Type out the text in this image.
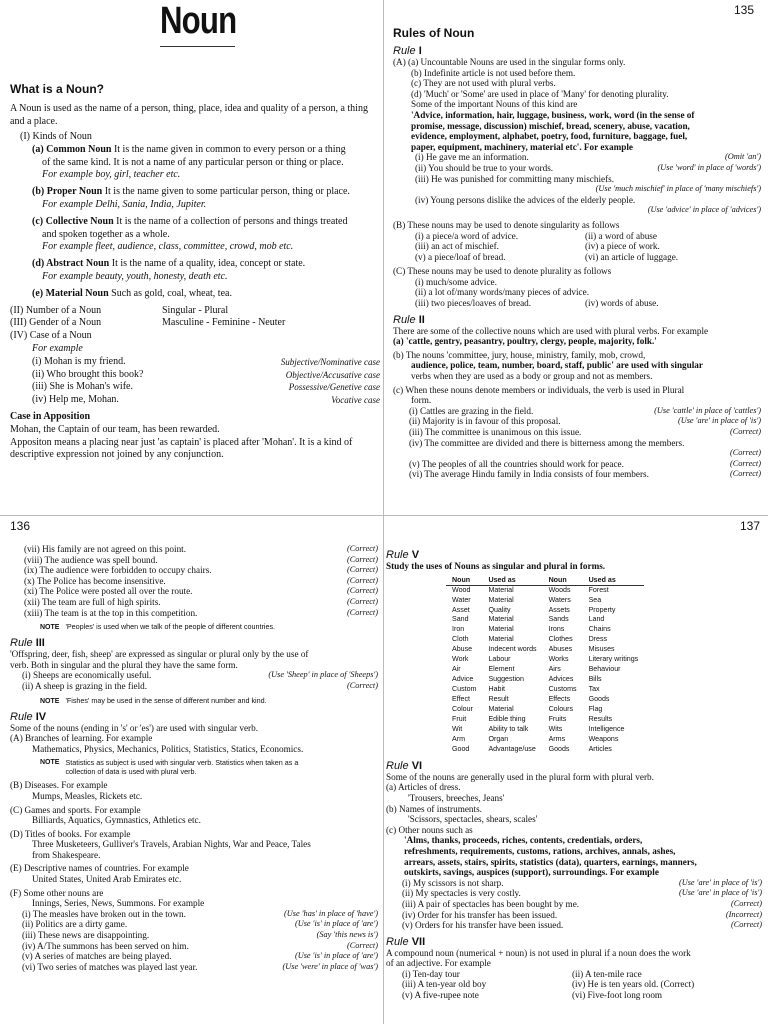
135
136	137
Noun
What is a Noun?
A Noun is used as the name of a person, thing, place, idea and quality of a person, a thing and a place.
(I) Kinds of Noun
(a) Common Noun It is the name given in common to every person or a thing
of the same kind. It is not a name of any particular person or thing or place.
For example boy, girl, teacher etc.
(b) Proper Noun It is the name given to some particular person, thing or place.
For example Delhi, Sania, India, Jupiter.
(c) Collective Noun It is the name of a collection of persons and things treated
and spoken together as a whole.
For example fleet, audience, class, committee, crowd, mob etc.
(d) Abstract Noun It is the name of a quality, idea, concept or state.
For example beauty, youth, honesty, death etc.
(e) Material Noun Such as gold, coal, wheat, tea.
(II) Number of a Noun	Singular - Plural
(III) Gender of a Noun	Masculine - Feminine - Neuter
(IV) Case of a Noun
For example
(i) Mohan is my friend.	Subjective/Nominative case
(ii) Who brought this book?	Objective/Accusative case
(iii) She is Mohan's wife.	Possessive/Genetive case
(iv) Help me, Mohan.	Vocative case
Case in Apposition
Mohan, the Captain of our team, has been rewarded.
Appositon means a placing near just 'as captain' is placed after 'Mohan'. It is a kind of
descriptive expression not joined by any conjunction.
Rules of Noun
Rule I
(A) (a) Uncountable Nouns are used in the singular forms only.
(b) Indefinite article is not used before them.
(c) They are not used with plural verbs.
(d) 'Much' or 'Some' are used in place of 'Many' for denoting plurality.
Some of the important Nouns of this kind are
'Advice, information, hair, luggage, business, work, word (in the sense of
promise, message, discussion) mischief, bread, scenery, abuse, vacation,
evidence, employment, alphabet, poetry, food, furniture, baggage, fuel,
paper, equipment, machinery, material etc'. For example
(i) He gave me an information.	(Omit 'an')
(ii) You should be true to your words.	(Use 'word' in place of 'words')
(iii) He was punished for committing many mischiefs.
(Use 'much mischief' in place of 'many mischiefs')
(iv) Young persons dislike the advices of the elderly people.
(Use 'advice' in place of 'advices')
(B) These nouns may be used to denote singularity as follows
(i) a piece/a word of advice.	(ii) a word of abuse
(iii) an act of mischief.	(iv) a piece of work.
(v) a piece/loaf of bread.	(vi) an article of luggage.
(C) These nouns may be used to denote plurality as follows
(i) much/some advice.
(ii) a lot of/many words/many pieces of advice.
(iii) two pieces/loaves of bread.	(iv) words of abuse.
Rule II
There are some of the collective nouns which are used with plural verbs. For example
(a) 'cattle, gentry, peasantry, poultry, clergy, people, majority, folk.'
(b) The nouns 'committee, jury, house, ministry, family, mob, crowd,
audience, police, team, number, board, staff, public' are used with singular
verbs when they are used as a body or group and not as members.
(c) When these nouns denote members or individuals, the verb is used in Plural
form.
(i) Cattles are grazing in the field.	(Use 'cattle' in place of 'cattles')
(ii) Majority is in favour of this proposal.	(Use 'are' in place of 'is')
(iii) The committee is unanimous on this issue.	(Correct)
(iv) The committee are divided and there is bitterness among the members.
(Correct)
(v) The peoples of all the countries should work for peace.	(Correct)
(vi) The average Hindu family in India consists of four members.	(Correct)
(vii) His family are not agreed on this point.	(Correct)
(viii) The audience was spell bound.	(Correct)
(ix) The audience were forbidden to occupy chairs.	(Correct)
(x) The Police has become insensitive.	(Correct)
(xi) The Police were posted all over the route.	(Correct)
(xii) The team are full of high spirits.	(Correct)
(xiii) The team is at the top in this competition.	(Correct)
NOTE 'Peoples' is used when we talk of the people of different countries.
Rule III
'Offspring, deer, fish, sheep' are expressed as singular or plural only by the use of
verb. Both in singular and the plural they have the same form.
(i) Sheeps are economically useful.	(Use 'Sheep' in place of 'Sheeps')
(ii) A sheep is grazing in the field.	(Correct)
NOTE 'Fishes' may be used in the sense of different number and kind.
Rule IV
Some of the nouns (ending in 's' or 'es') are used with singular verb.
(A) Branches of learning. For example
Mathematics, Physics, Mechanics, Politics, Statistics, Statics, Economics.
NOTE Statistics as subject is used with singular verb. Statistics when taken as a
collection of data is used with plural verb.
(B) Diseases. For example
Mumps, Measles, Rickets etc.
(C) Games and sports. For example
Billiards, Aquatics, Gymnastics, Athletics etc.
(D) Titles of books. For example
Three Musketeers, Gulliver's Travels, Arabian Nights, War and Peace, Tales
from Shakespeare.
(E) Descriptive names of countries. For example
United States, United Arab Emirates etc.
(F) Some other nouns are
Innings, Series, News, Summons. For example
(i) The measles have broken out in the town.	(Use 'has' in place of 'have')
(ii) Politics are a dirty game.	(Use 'is' in place of 'are')
(iii) These news are disappointing.	(Say 'this news is')
(iv) A/The summons has been served on him.	(Correct)
(v) A series of matches are being played.	(Use 'is' in place of 'are')
(vi) Two series of matches was played last year.	(Use 'were' in place of 'was')
Rule V
Study the uses of Nouns as singular and plural in forms.
Noun	Used as	Noun	Used as
Wood	Material	Woods	Forest
Water	Material	Waters	Sea
Asset	Quality	Assets	Property
Sand	Material	Sands	Land
Iron	Material	Irons	Chains
Cloth	Material	Clothes	Dress
Abuse	Indecent words	Abuses	Misuses
Work	Labour	Works	Literary writings
Air	Element	Airs	Behaviour
Advice	Suggestion	Advices	Bills
Custom	Habit	Customs	Tax
Effect	Result	Effects	Goods
Colour	Material	Colours	Flag
Fruit	Edible thing	Fruits	Results
Wit	Ability to talk	Wits	Intelligence
Arm	Organ	Arms	Weapons
Good	Advantage/use	Goods	Articles
Rule VI
Some of the nouns are generally used in the plural form with plural verb.
(a) Articles of dress.
'Trousers, breeches, Jeans'
(b) Names of instruments.
'Scissors, spectacles, shears, scales'
(c) Other nouns such as
'Alms, thanks, proceeds, riches, contents, credentials, orders,
refreshments, requirements, customs, rations, archives, annals, ashes,
arrears, assets, stairs, spirits, statistics (data), quarters, earnings, manners,
outskirts, savings, auspices (support), surroundings. For example
(i) My scissors is not sharp.	(Use 'are' in place of 'is')
(ii) My spectacles is very costly.	(Use 'are' in place of 'is')
(iii) A pair of spectacles has been bought by me.	(Correct)
(iv) Order for his transfer has been issued.	(Incorrect)
(v) Orders for his transfer have been issued.	(Correct)
Rule VII
A compound noun (numerical + noun) is not used in plural if a noun does the work
of an adjective. For example
(i) Ten-day tour	(ii) A ten-mile race
(iii) A ten-year old boy	(iv) He is ten years old. (Correct)
(v) A five-rupee note	(vi) Five-foot long room
